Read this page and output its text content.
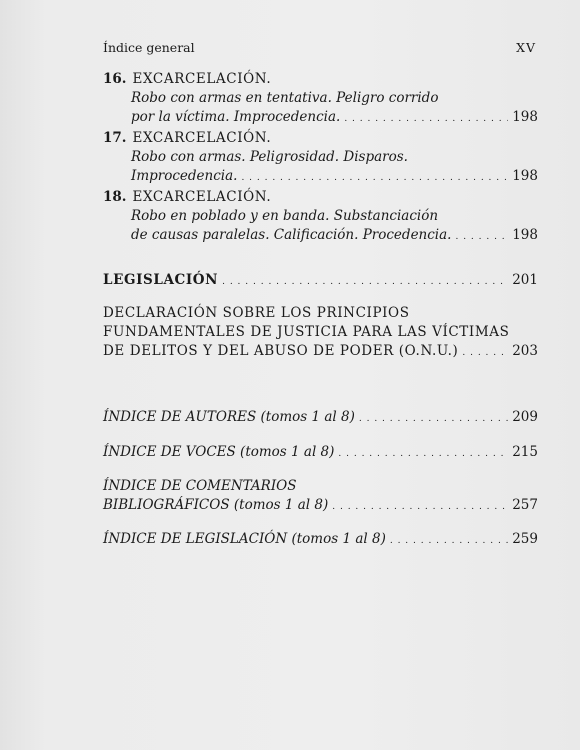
Índice general	XV
16. EXCARCELACIÓN.
Robo con armas en tentativa. Peligro corrido
por la víctima. Improcedencia. . . .	198
17. EXCARCELACIÓN.
Robo con armas. Peligrosidad. Disparos.
Improcedencia. . . .	198
18. EXCARCELACIÓN.
Robo en poblado y en banda. Substanciación
de causas paralelas. Calificación. Procedencia. . . .	198
LEGISLACIÓN . . .	201
DECLARACIÓN SOBRE LOS PRINCIPIOS
FUNDAMENTALES DE JUSTICIA PARA LAS VÍCTIMAS
DE DELITOS Y DEL ABUSO DE PODER (O.N.U.) . . .	203
ÍNDICE DE AUTORES (tomos 1 al 8) . . .	209
ÍNDICE DE VOCES (tomos 1 al 8) . . .	215
ÍNDICE DE COMENTARIOS
BIBLIOGRÁFICOS (tomos 1 al 8) . . .	257
ÍNDICE DE LEGISLACIÓN (tomos 1 al 8) . . .	259
